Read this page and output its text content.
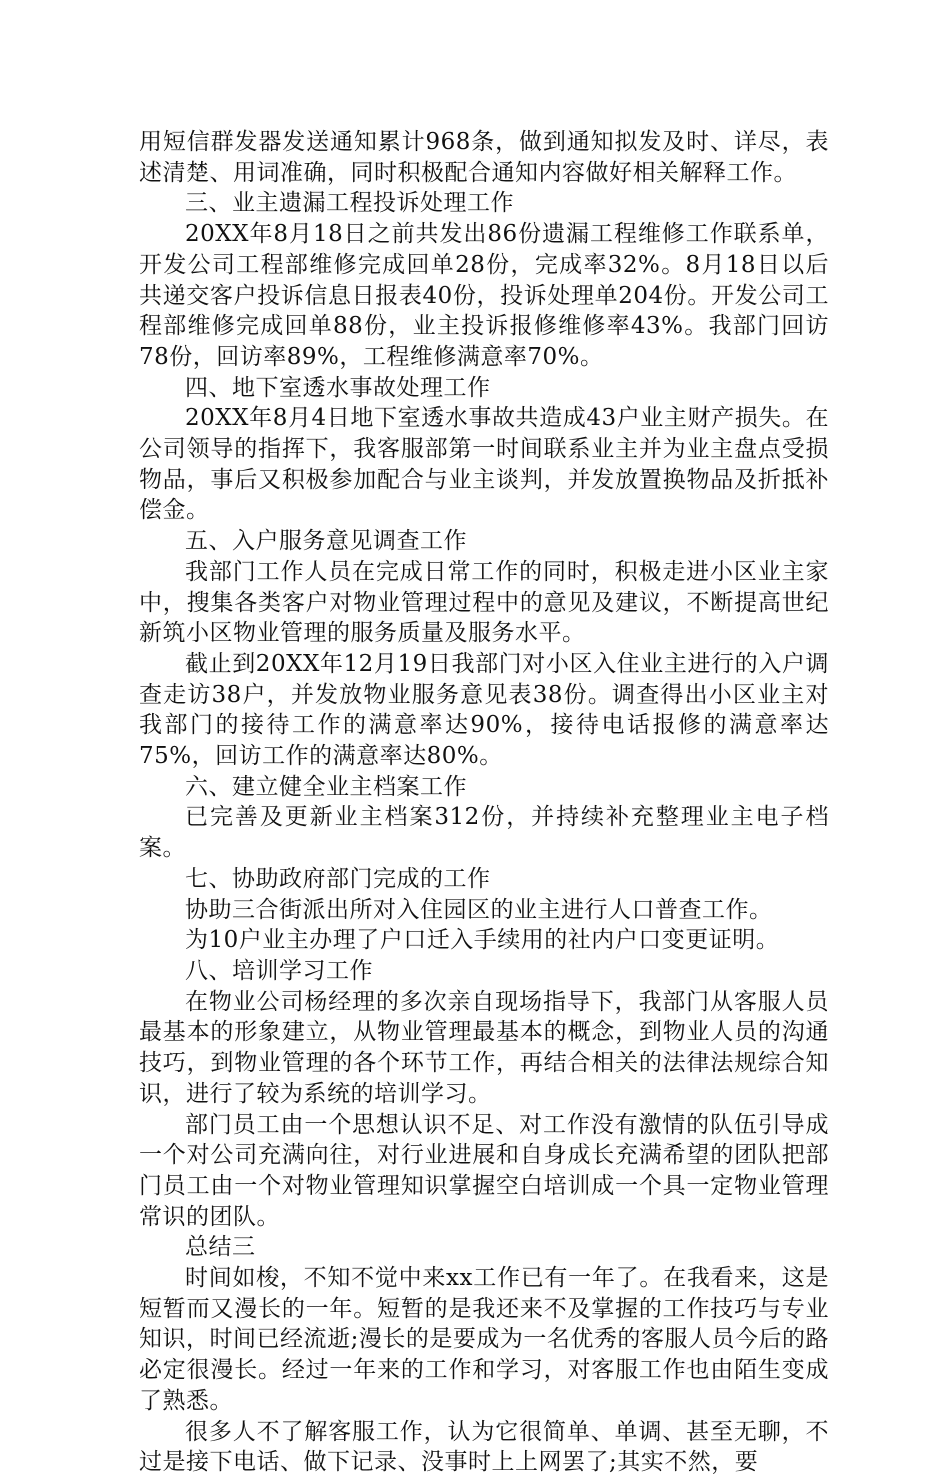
用短信群发器发送通知累计968条，做到通知拟发及时、详尽，表述清楚、用词准确，同时积极配合通知内容做好相关解释工作。

三、业主遗漏工程投诉处理工作

20XX年8月18日之前共发出86份遗漏工程维修工作联系单，开发公司工程部维修完成回单28份，完成率32%。8月18日以后共递交客户投诉信息日报表40份，投诉处理单204份。开发公司工程部维修完成回单88份，业主投诉报修维修率43%。我部门回访78份，回访率89%，工程维修满意率70%。

四、地下室透水事故处理工作

20XX年8月4日地下室透水事故共造成43户业主财产损失。在公司领导的指挥下，我客服部第一时间联系业主并为业主盘点受损物品，事后又积极参加配合与业主谈判，并发放置换物品及折抵补偿金。

五、入户服务意见调查工作

我部门工作人员在完成日常工作的同时，积极走进小区业主家中，搜集各类客户对物业管理过程中的意见及建议，不断提高世纪新筑小区物业管理的服务质量及服务水平。

截止到20XX年12月19日我部门对小区入住业主进行的入户调查走访38户，并发放物业服务意见表38份。调查得出小区业主对我部门的接待工作的满意率达90%，接待电话报修的满意率达75%，回访工作的满意率达80%。

六、建立健全业主档案工作

已完善及更新业主档案312份，并持续补充整理业主电子档案。

七、协助政府部门完成的工作

协助三合街派出所对入住园区的业主进行人口普查工作。

为10户业主办理了户口迁入手续用的社内户口变更证明。

八、培训学习工作

在物业公司杨经理的多次亲自现场指导下，我部门从客服人员最基本的形象建立，从物业管理最基本的概念，到物业人员的沟通技巧，到物业管理的各个环节工作，再结合相关的法律法规综合知识，进行了较为系统的培训学习。

部门员工由一个思想认识不足、对工作没有激情的队伍引导成一个对公司充满向往，对行业进展和自身成长充满希望的团队把部门员工由一个对物业管理知识掌握空白培训成一个具一定物业管理常识的团队。

总结三

时间如梭，不知不觉中来xx工作已有一年了。在我看来，这是短暂而又漫长的一年。短暂的是我还来不及掌握的工作技巧与专业知识，时间已经流逝;漫长的是要成为一名优秀的客服人员今后的路必定很漫长。经过一年来的工作和学习，对客服工作也由陌生变成了熟悉。

很多人不了解客服工作，认为它很简单、单调、甚至无聊，不过是接下电话、做下记录、没事时上上网罢了;其实不然，要
